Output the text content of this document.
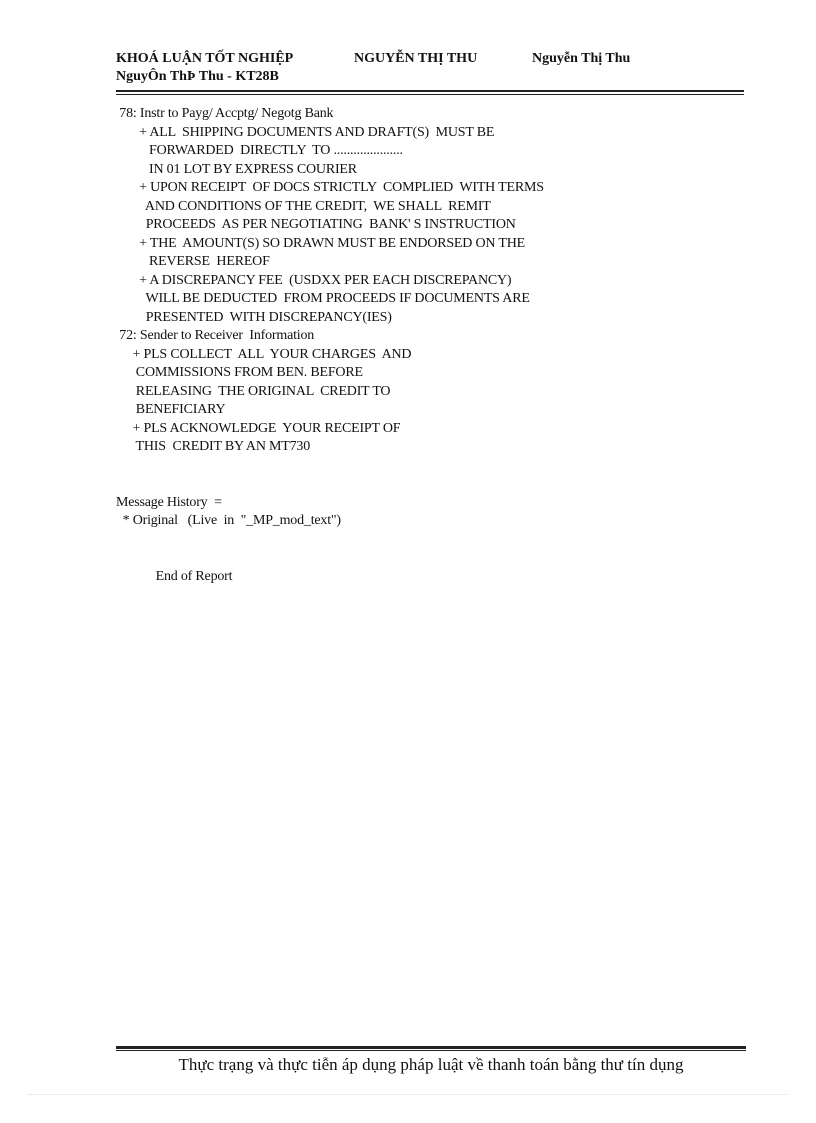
KHOÁ LUẬN TỐT NGHIỆP	NGUYỄN THỊ THU	Nguyễn Thị Thu
NguyÔn ThÞ Thu - KT28B
78: Instr to Payg/ Accptg/ Negotg Bank
+ ALL  SHIPPING DOCUMENTS AND DRAFT(S)  MUST BE
FORWARDED  DIRECTLY  TO .....................
IN 01 LOT BY EXPRESS COURIER
+ UPON RECEIPT  OF DOCS STRICTLY  COMPLIED  WITH TERMS
AND CONDITIONS OF THE CREDIT,  WE SHALL  REMIT
PROCEEDS  AS PER NEGOTIATING  BANK' S INSTRUCTION
+ THE  AMOUNT(S) SO DRAWN MUST BE ENDORSED ON THE
REVERSE  HEREOF
+ A DISCREPANCY FEE  (USDXX PER EACH DISCREPANCY)
WILL BE DEDUCTED  FROM PROCEEDS IF DOCUMENTS ARE
PRESENTED  WITH DISCREPANCY(IES)
72: Sender to Receiver  Information
+ PLS COLLECT  ALL  YOUR CHARGES  AND
COMMISSIONS FROM BEN. BEFORE
RELEASING  THE ORIGINAL  CREDIT TO
BENEFICIARY
+ PLS ACKNOWLEDGE  YOUR RECEIPT OF
THIS  CREDIT BY AN MT730
Message History  =
* Original   (Live  in  "_MP_mod_text")
End of Report
Thực trạng và thực tiễn áp dụng pháp luật về thanh toán bằng thư tín dụng
